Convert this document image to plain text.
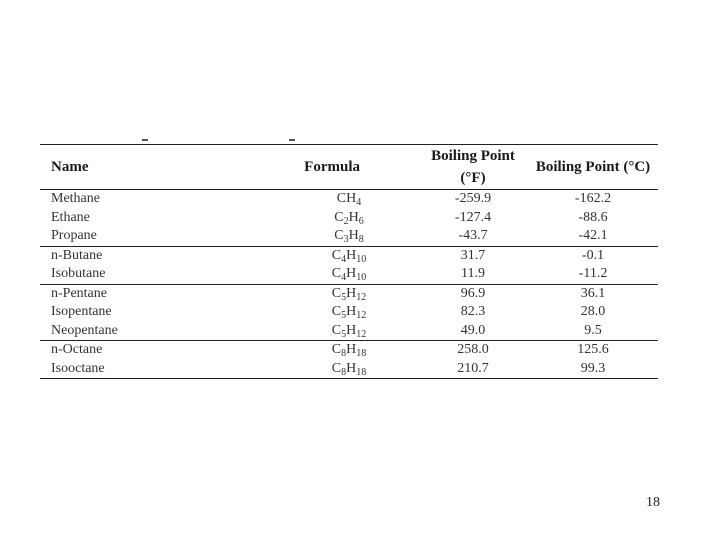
Name	Formula	Boiling Point (°F)	Boiling Point (°C)
Methane	$CH_4$	-259.9	-162.2
Ethane	$C_2H_6$	-127.4	-88.6
Propane	$C_3H_8$	-43.7	-42.1
n-Butane	$C_4H_{10}$	31.7	-0.1
Isobutane	$C_4H_{10}$	11.9	-11.2
n-Pentane	$C_5H_{12}$	96.9	36.1
Isopentane	$C_5H_{12}$	82.3	28.0
Neopentane	$C_5H_{12}$	49.0	9.5
n-Octane	$C_8H_{18}$	258.0	125.6
Isooctane	$C_8H_{18}$	210.7	99.3
18
